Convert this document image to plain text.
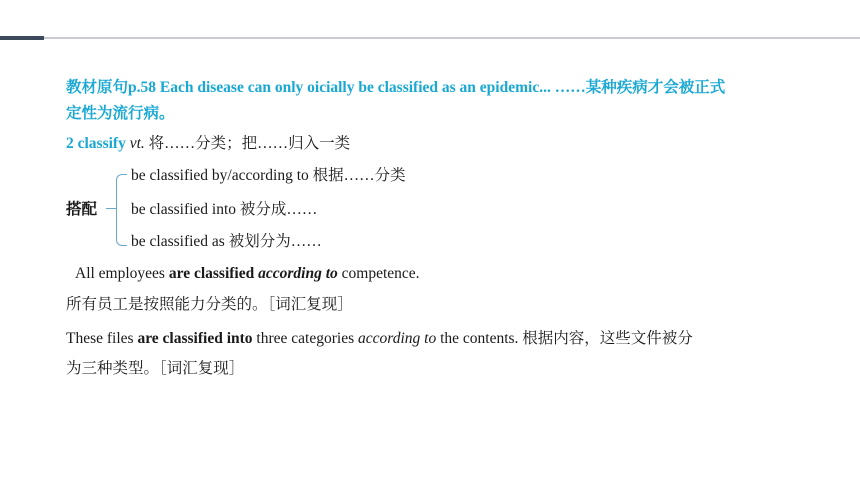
教材原句p.58 Each disease can only oicially be classified as an epidemic... ……某种疾病才会被正式
定性为流行病。
2 classify vt. 将……分类；把……归入一类
搭配
be classified by/according to 根据……分类
be classified into 被分成……
be classified as 被划分为……
All employees are classified according to competence.
所有员工是按照能力分类的。［词汇复现］
These files are classified into three categories according to the contents. 根据内容，这些文件被分
为三种类型。［词汇复现］
